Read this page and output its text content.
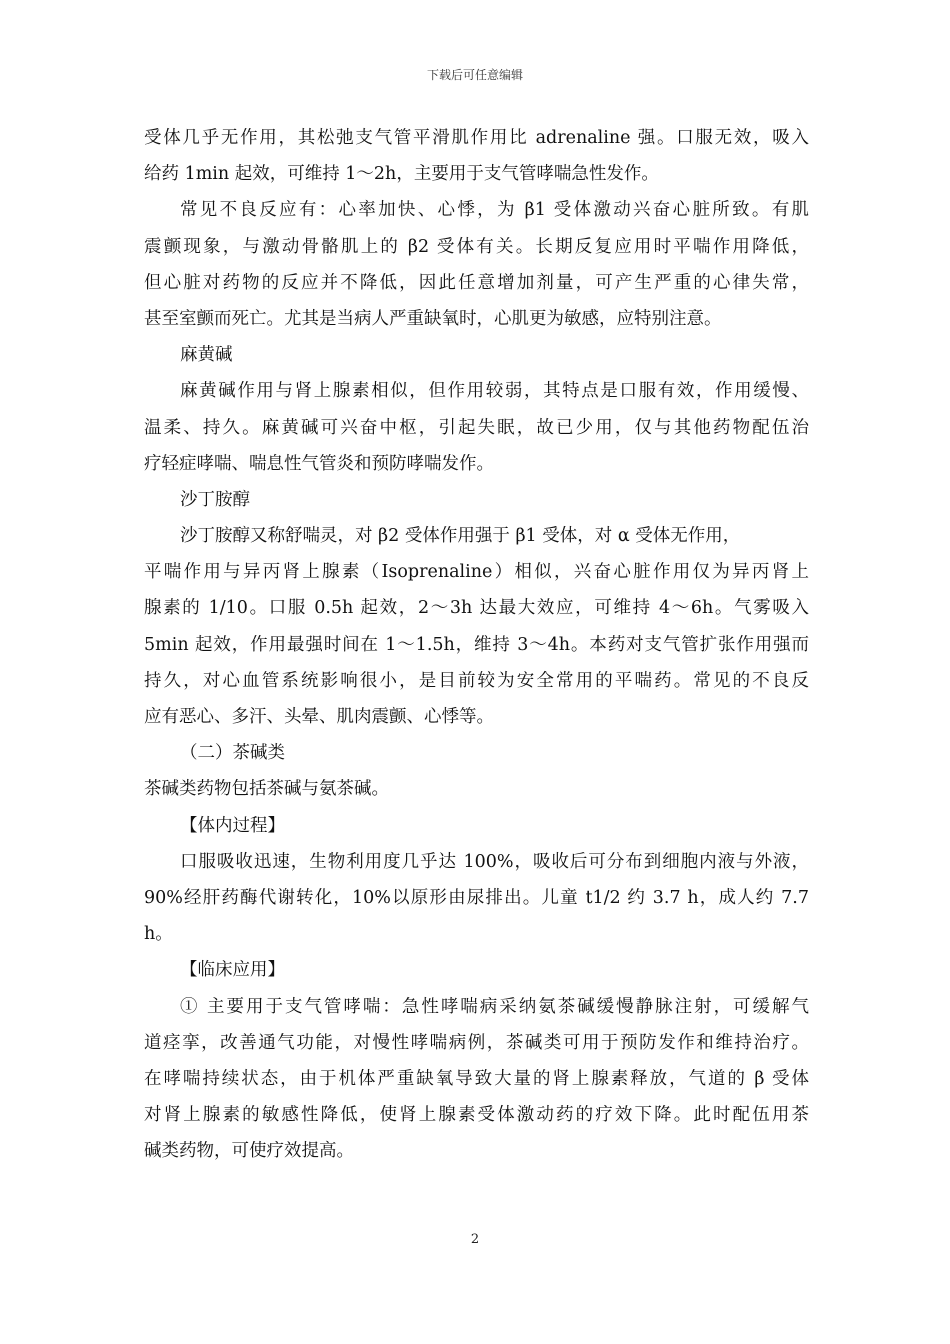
下载后可任意编辑
受体几乎无作用，其松弛支气管平滑肌作用比 adrenaline 强。口服无效，吸入
给药 1min 起效，可维持 1～2h，主要用于支气管哮喘急性发作。
常见不良反应有：心率加快、心悸，为 β1 受体激动兴奋心脏所致。有肌
震颤现象，与激动骨骼肌上的 β2 受体有关。长期反复应用时平喘作用降低，
但心脏对药物的反应并不降低，因此任意增加剂量，可产生严重的心律失常，
甚至室颤而死亡。尤其是当病人严重缺氧时，心肌更为敏感，应特别注意。
麻黄碱
麻黄碱作用与肾上腺素相似，但作用较弱，其特点是口服有效，作用缓慢、
温柔、持久。麻黄碱可兴奋中枢，引起失眠，故已少用，仅与其他药物配伍治
疗轻症哮喘、喘息性气管炎和预防哮喘发作。
沙丁胺醇
沙丁胺醇又称舒喘灵，对 β2 受体作用强于 β1 受体，对 α 受体无作用，
平喘作用与异丙肾上腺素（Isoprenaline）相似，兴奋心脏作用仅为异丙肾上
腺素的 1/10。口服 0.5h 起效，2～3h 达最大效应，可维持 4～6h。气雾吸入
5min 起效，作用最强时间在 1～1.5h，维持 3～4h。本药对支气管扩张作用强而
持久，对心血管系统影响很小，是目前较为安全常用的平喘药。常见的不良反
应有恶心、多汗、头晕、肌肉震颤、心悸等。
（二）茶碱类
茶碱类药物包括茶碱与氨茶碱。
【体内过程】
口服吸收迅速，生物利用度几乎达 100%，吸收后可分布到细胞内液与外液，
90%经肝药酶代谢转化，10%以原形由尿排出。儿童 t1/2 约 3.7 h，成人约 7.7
h。
【临床应用】
① 主要用于支气管哮喘：急性哮喘病采纳氨茶碱缓慢静脉注射，可缓解气
道痉挛，改善通气功能，对慢性哮喘病例，茶碱类可用于预防发作和维持治疗。
在哮喘持续状态，由于机体严重缺氧导致大量的肾上腺素释放，气道的 β 受体
对肾上腺素的敏感性降低，使肾上腺素受体激动药的疗效下降。此时配伍用茶
碱类药物，可使疗效提高。
2
